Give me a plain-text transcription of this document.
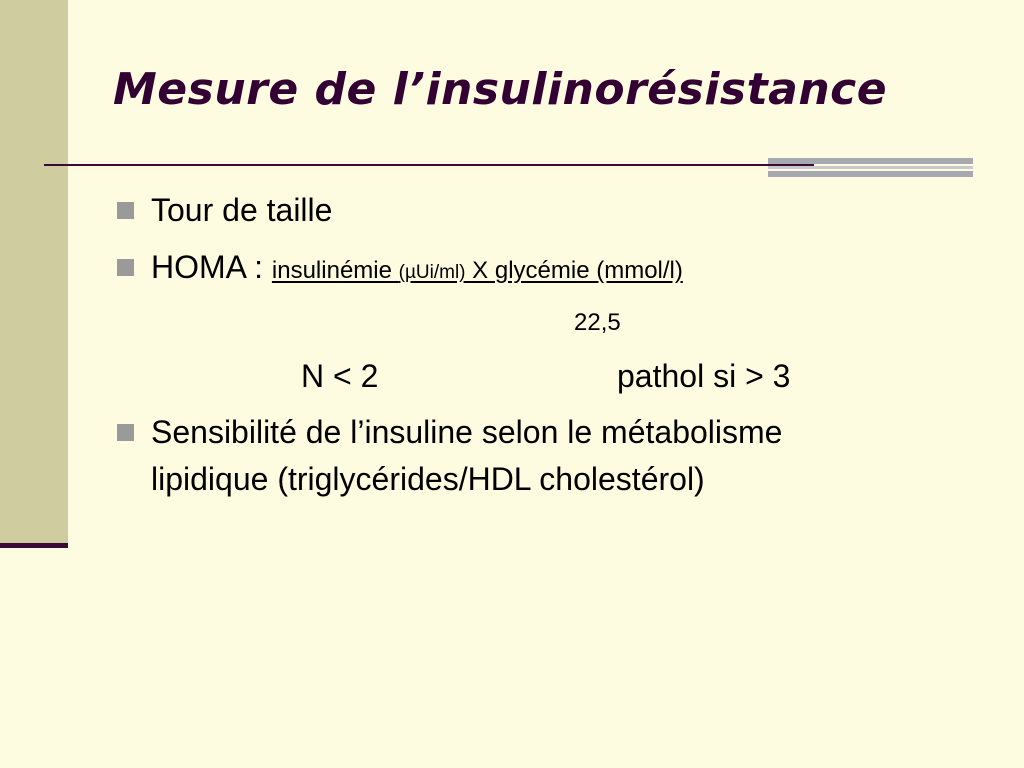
Mesure de l’insulinorésistance
Tour de taille
HOMA : insulinémie (µUi/ml) X glycémie (mmol/l)
22,5
N < 2	pathol si > 3
Sensibilité de l’insuline selon le métabolisme
lipidique (triglycérides/HDL cholestérol)
